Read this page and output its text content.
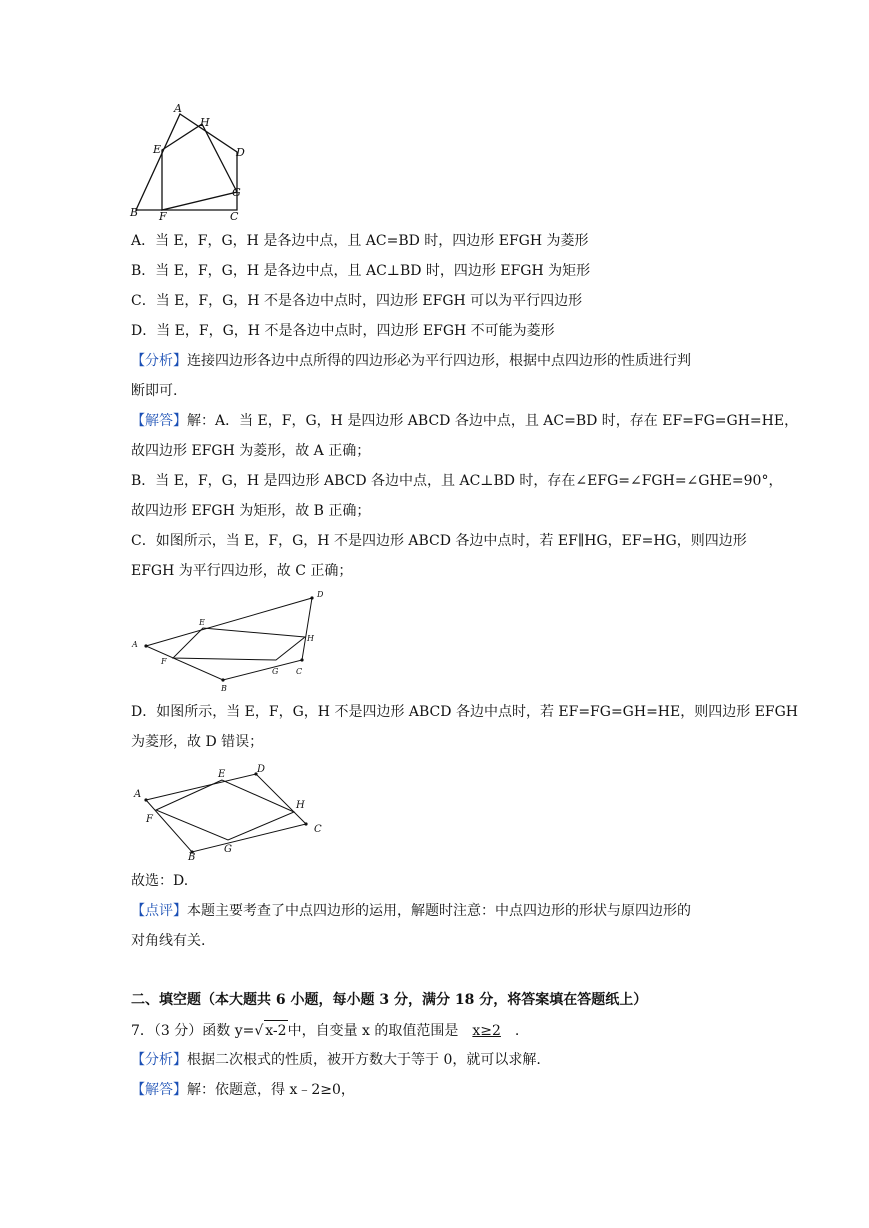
A
H
E	D
G
B F	C
A．当 E，F，G，H 是各边中点，且 AC=BD 时，四边形 EFGH 为菱形
B．当 E，F，G，H 是各边中点，且 AC⊥BD 时，四边形 EFGH 为矩形
C．当 E，F，G，H 不是各边中点时，四边形 EFGH 可以为平行四边形
D．当 E，F，G，H 不是各边中点时，四边形 EFGH 不可能为菱形
【分析】连接四边形各边中点所得的四边形必为平行四边形，根据中点四边形的性质进行判
断即可.
【解答】解：A．当 E，F，G，H 是四边形 ABCD 各边中点，且 AC=BD 时，存在 EF=FG=GH=HE，
故四边形 EFGH 为菱形，故 A 正确；
B．当 E，F，G，H 是四边形 ABCD 各边中点，且 AC⊥BD 时，存在∠EFG=∠FGH=∠GHE=90°，
故四边形 EFGH 为矩形，故 B 正确；
C．如图所示，当 E，F，G，H 不是四边形 ABCD 各边中点时，若 EF∥HG，EF=HG，则四边形
EFGH 为平行四边形，故 C 正确；
D
E
H
A
F
C
G
B
D．如图所示，当 E，F，G，H 不是四边形 ABCD 各边中点时，若 EF=FG=GH=HE，则四边形 EFGH
为菱形，故 D 错误；
E	D
A
H
F
C
B
G
故选：D.
【点评】本题主要考查了中点四边形的运用，解题时注意：中点四边形的形状与原四边形的
对角线有关.
二、填空题（本大题共 6 小题，每小题 3 分，满分 18 分，将答案填在答题纸上）
7．（3 分）函数 y=√ x-2中，自变量 x 的取值范围是 x≥2 .
【分析】根据二次根式的性质，被开方数大于等于 0，就可以求解.
【解答】解：依题意，得 x﹣2≥0，
